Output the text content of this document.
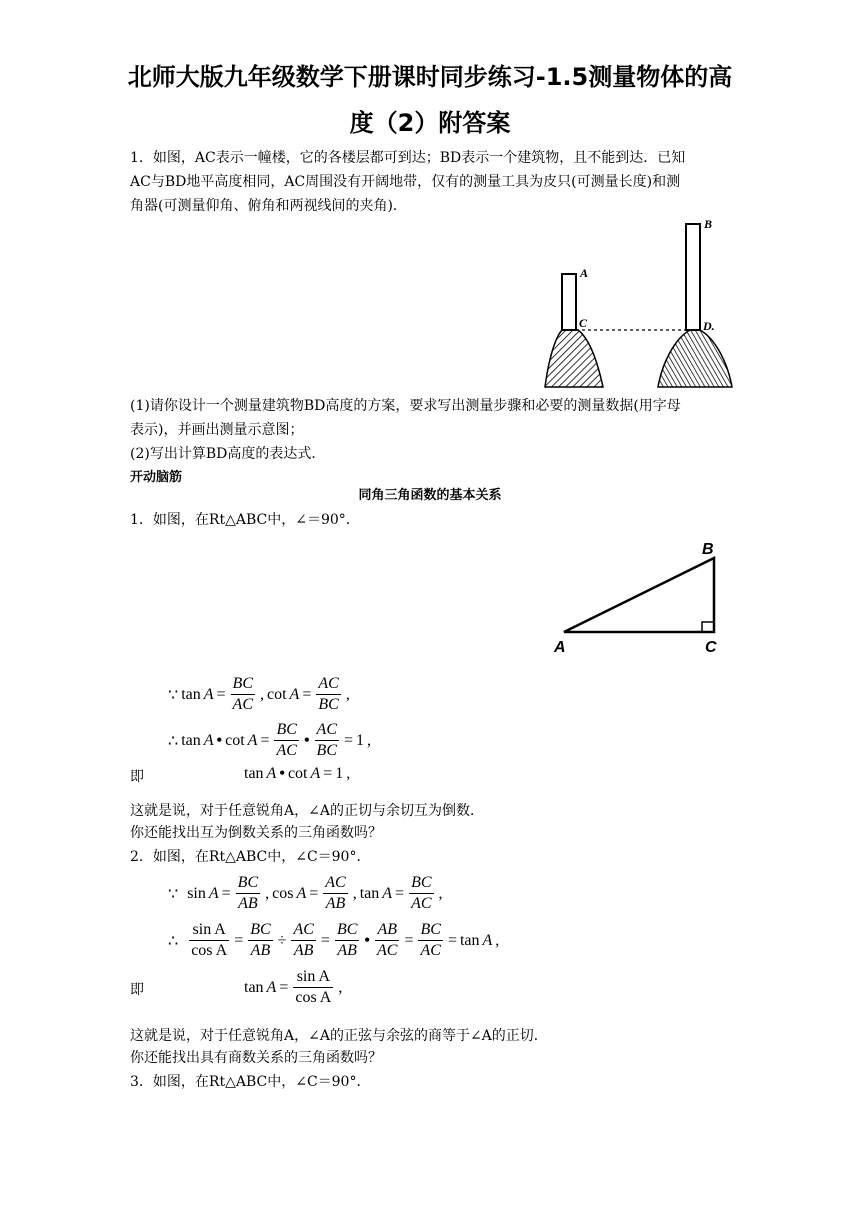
北师大版九年级数学下册课时同步练习-1.5测量物体的高
度（2）附答案
1．如图，AC表示一幢楼，它的各楼层都可到达；BD表示一个建筑物，且不能到达．已知
AC与BD地平高度相同，AC周围没有开阔地带，仅有的测量工具为皮只(可测量长度)和测
角器(可测量仰角、俯角和两视线间的夹角)．
A
B
C	D.
(1)请你设计一个测量建筑物BD高度的方案，要求写出测量步骤和必要的测量数据(用字母
表示)，并画出测量示意图；
(2)写出计算BD高度的表达式．
开动脑筋
同角三角函数的基本关系
1．如图，在Rt△ABC中，∠＝90°．
B
A	C
∵ $\tan A = \frac{BC}{AC}$ , $\cot A = \frac{AC}{BC}$ ,
∴ tan A • $\cot A = \frac{BC}{AC}$ • $\frac{AC}{BC} = 1$ ,
即	tan A • cot A = 1 ,
这就是说，对于任意锐角A，∠A的正切与余切互为倒数．
你还能找出互为倒数关系的三角函数吗？
2．如图，在Rt△ABC中，∠C＝90°．
∵ $\sin A = \frac{BC}{AB}$ , $\cos A = \frac{AC}{AB}$ , $\tan A = \frac{BC}{AC}$ ,
∴ $\frac{\text{sin A}}{\text{cos A}} = \frac{BC}{AB} \div \frac{AC}{AB} = \frac{BC}{AB}$ • $\frac{AB}{AC} = \frac{BC}{AC} = \tan A$ ,
即	$\tan A = \frac{\text{sin A}}{\text{cos A}}$ ,
这就是说，对于任意锐角A，∠A的正弦与余弦的商等于∠A的正切．
你还能找出具有商数关系的三角函数吗？
3．如图，在Rt△ABC中，∠C＝90°．
